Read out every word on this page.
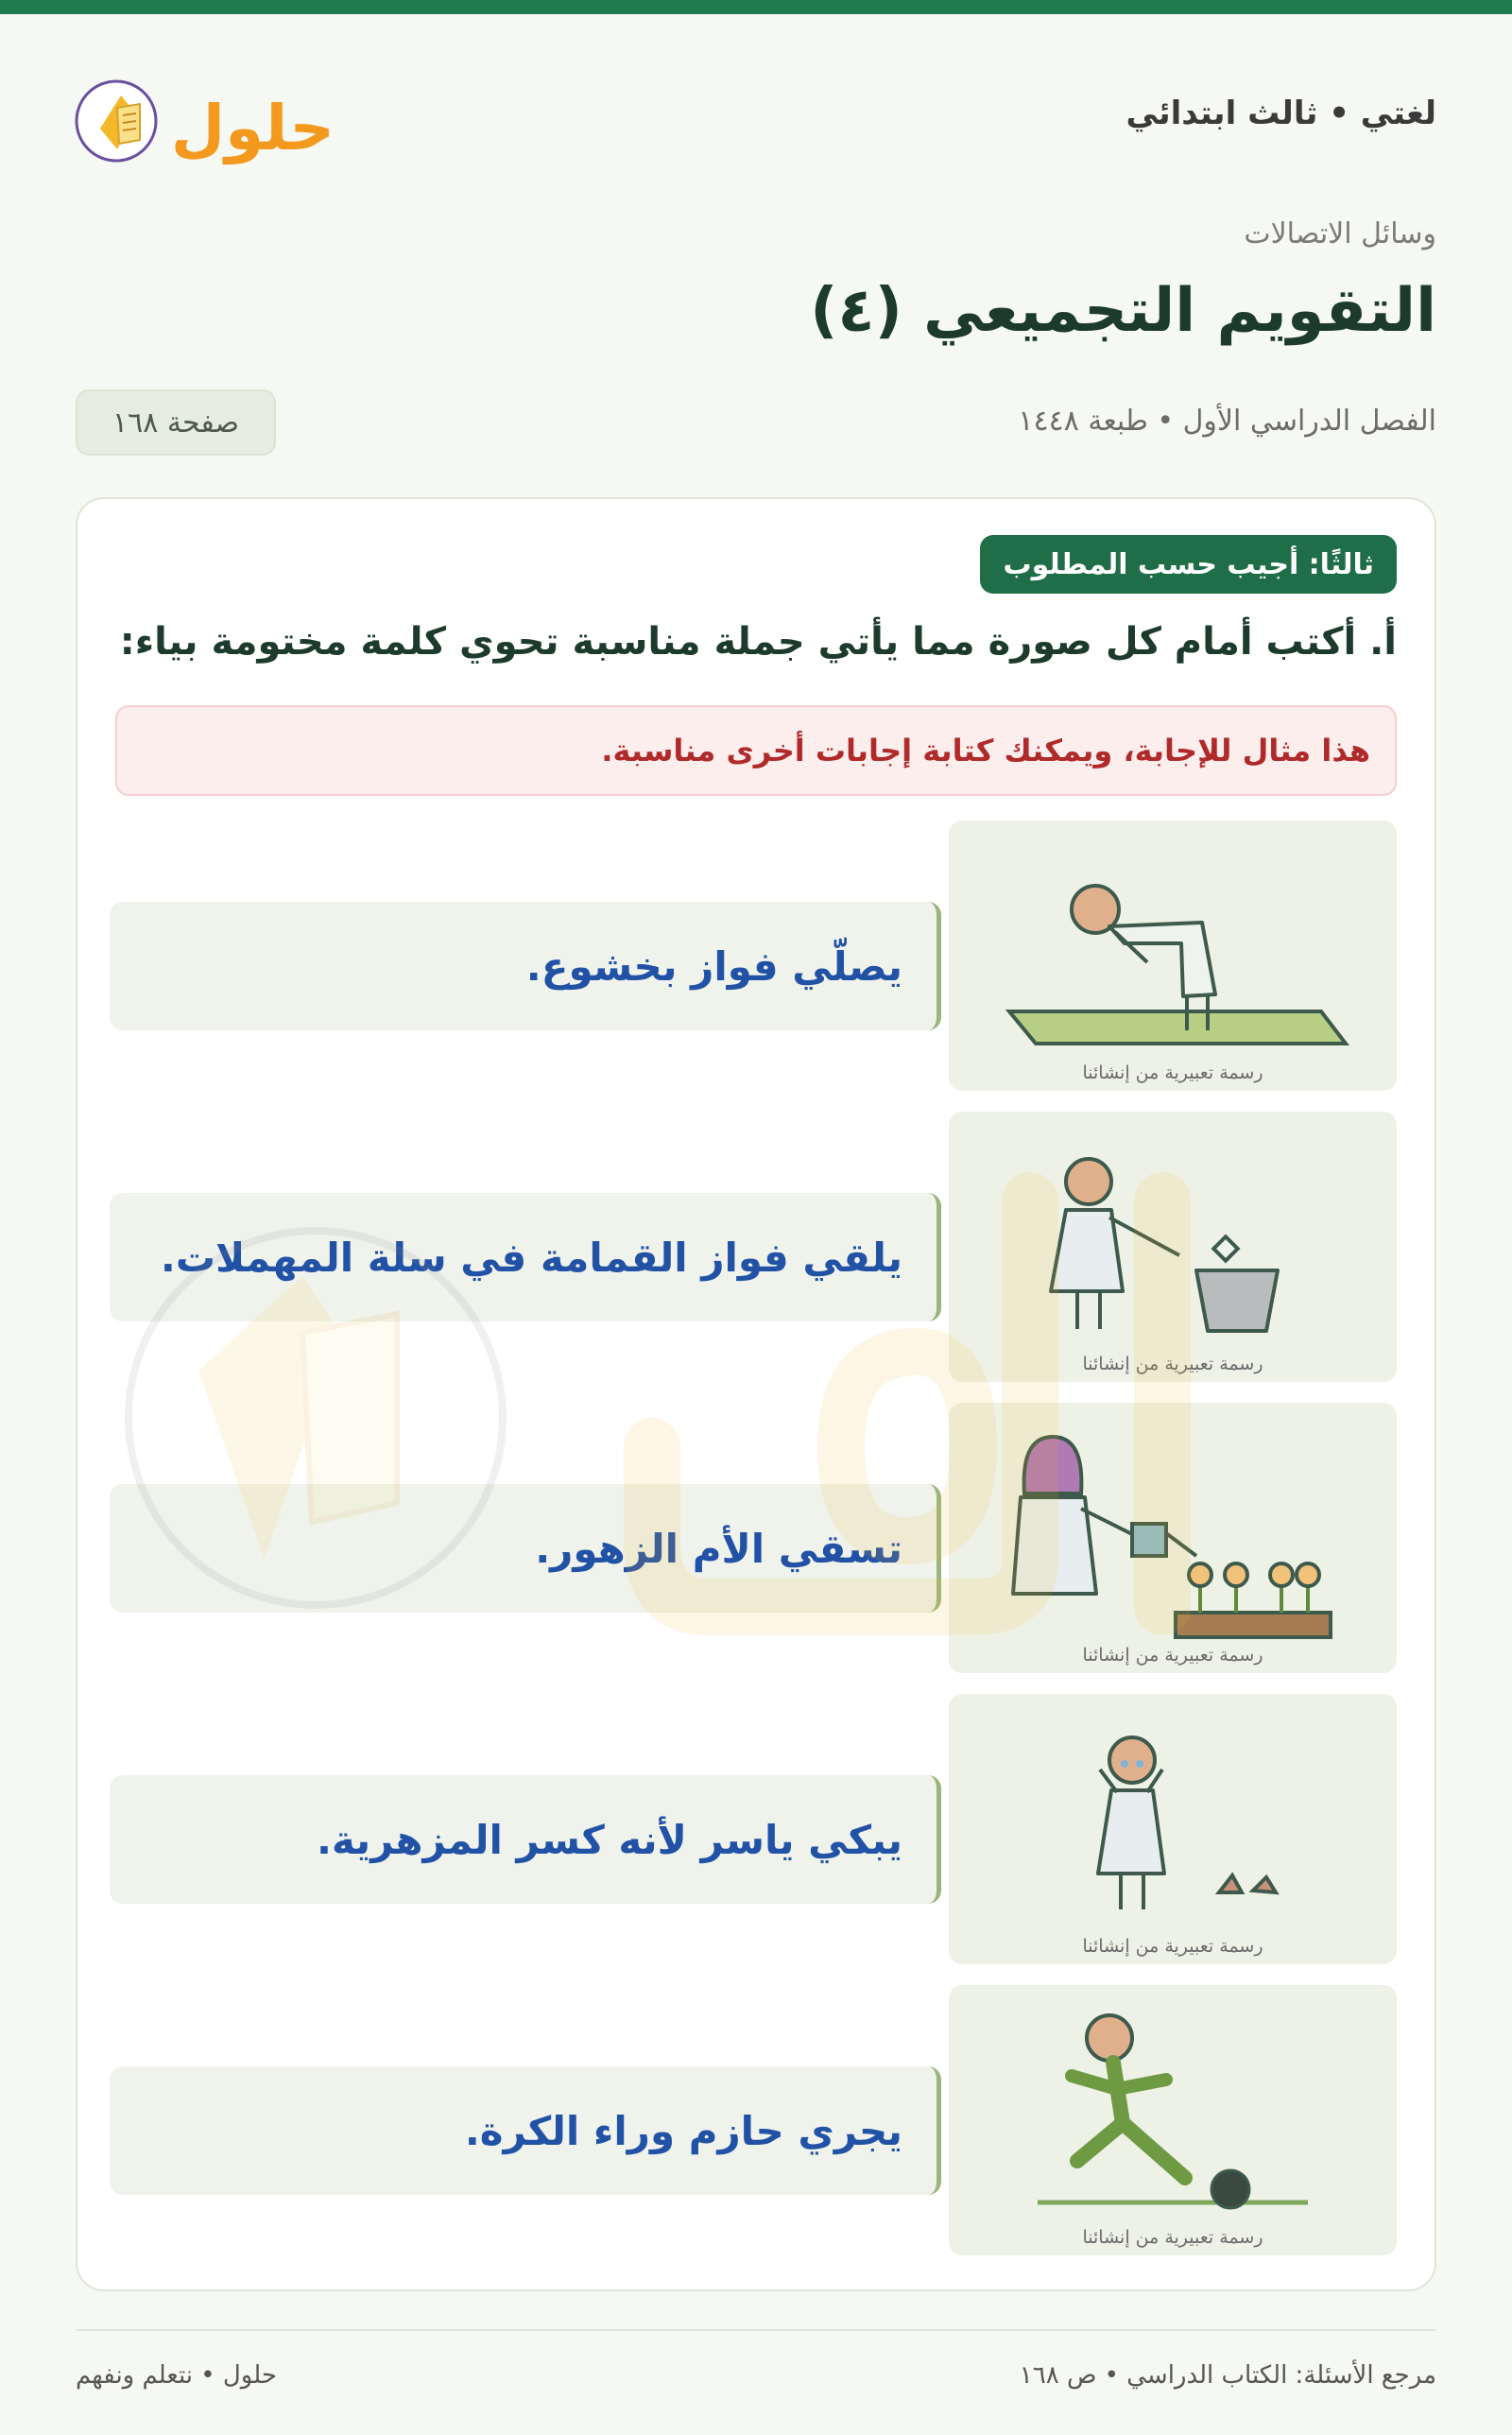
لغتي • ثالث ابتدائي
حلول
وسائل الاتصالات
التقويم التجميعي (٤)
الفصل الدراسي الأول • طبعة ١٤٤٨
صفحة ١٦٨
ثالثًا: أجيب حسب المطلوب
أ. أكتب أمام كل صورة مما يأتي جملة مناسبة تحوي كلمة مختومة بياء:
هذا مثال للإجابة، ويمكنك كتابة إجابات أخرى مناسبة.
رسمة تعبيرية من إنشائنا
يصلّي فواز بخشوع.
رسمة تعبيرية من إنشائنا
يلقي فواز القمامة في سلة المهملات.
رسمة تعبيرية من إنشائنا
تسقي الأم الزهور.
رسمة تعبيرية من إنشائنا
يبكي ياسر لأنه كسر المزهرية.
رسمة تعبيرية من إنشائنا
يجري حازم وراء الكرة.
مرجع الأسئلة: الكتاب الدراسي • ص ١٦٨
حلول • نتعلم ونفهم
